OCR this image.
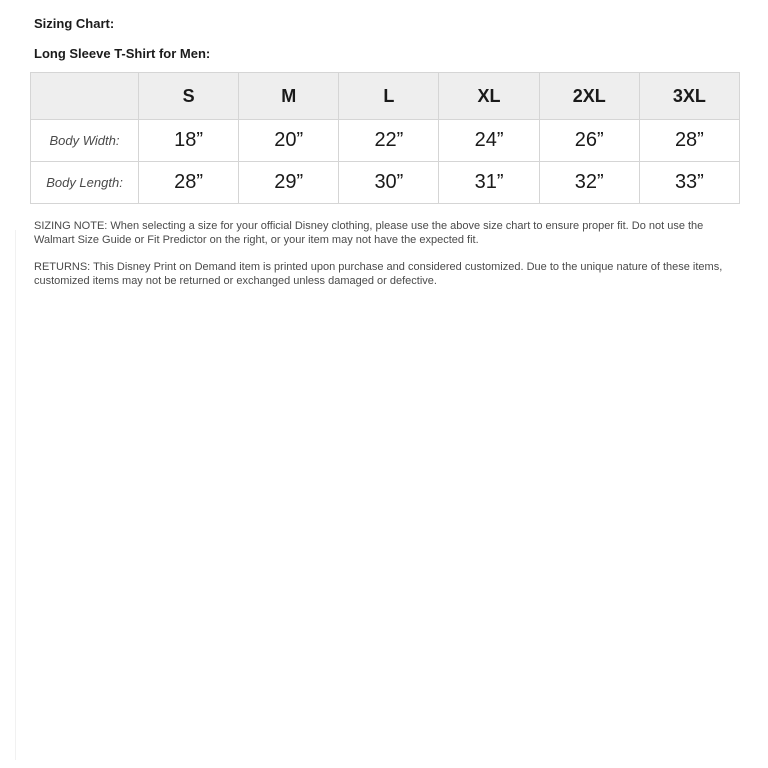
Sizing Chart:
Long Sleeve T-Shirt for Men:
	S	M	L	XL	2XL	3XL
Body Width:	18”	20”	22”	24”	26”	28”
Body Length:	28”	29”	30”	31”	32”	33”

SIZING NOTE: When selecting a size for your official Disney clothing, please use the above size chart to ensure proper fit. Do not use the Walmart Size Guide or Fit Predictor on the right, or your item may not have the expected fit.

RETURNS: This Disney Print on Demand item is printed upon purchase and considered customized. Due to the unique nature of these items, customized items may not be returned or exchanged unless damaged or defective.
